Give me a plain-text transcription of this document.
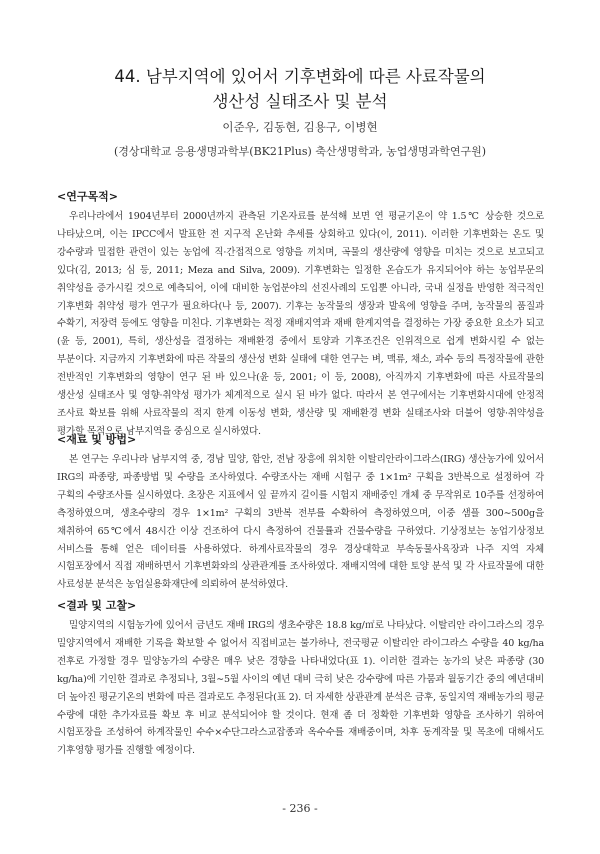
44. 남부지역에 있어서 기후변화에 따른 사료작물의
생산성 실태조사 및 분석
이준우, 김동현, 김용구, 이병현
(경상대학교 응용생명과학부(BK21Plus) 축산생명학과, 농업생명과학연구원)
<연구목적>

우리나라에서 1904년부터 2000년까지 관측된 기온자료를 분석해 보면 연 평균기온이 약 1.5℃ 상승한 것으로 나타났으며, 이는 IPCC에서 발표한 전 지구적 온난화 추세를 상회하고 있다(이, 2011). 이러한 기후변화는 온도 및 강수량과 밀접한 관련이 있는 농업에 직·간접적으로 영향을 끼치며, 곡물의 생산량에 영향을 미치는 것으로 보고되고 있다(김, 2013; 심 등, 2011; Meza and Silva, 2009). 기후변화는 일정한 온습도가 유지되어야 하는 농업부문의 취약성을 증가시킬 것으로 예측되어, 이에 대비한 농업분야의 선진사례의 도입뿐 아니라, 국내 실정을 반영한 적극적인 기후변화 취약성 평가 연구가 필요하다(나 등, 2007). 기후는 농작물의 생장과 발육에 영향을 주며, 농작물의 품질과 수확기, 저장력 등에도 영향을 미친다. 기후변화는 적정 재배지역과 재배 한계지역을 결정하는 가장 중요한 요소가 되고(윤 등, 2001), 특히, 생산성을 결정하는 재배환경 중에서 토양과 기후조건은 인위적으로 쉽게 변화시킬 수 없는 부분이다. 지금까지 기후변화에 따른 작물의 생산성 변화 실태에 대한 연구는 벼, 맥류, 채소, 과수 등의 특정작물에 관한 전반적인 기후변화의 영향이 연구 된 바 있으나(윤 등, 2001; 이 등, 2008), 아직까지 기후변화에 따른 사료작물의 생산성 실태조사 및 영향·취약성 평가가 체계적으로 실시 된 바가 없다. 따라서 본 연구에서는 기후변화시대에 안정적 조사료 확보를 위해 사료작물의 적지 한계 이동성 변화, 생산량 및 재배환경 변화 실태조사와 더불어 영향·취약성을 평가할 목적으로 남부지역을 중심으로 실시하였다.

<재료 및 방법>

본 연구는 우리나라 남부지역 중, 경남 밀양, 함안, 전남 장흥에 위치한 이탈리안라이그라스(IRG) 생산농가에 있어서 IRG의 파종량, 파종방법 및 수량을 조사하였다. 수량조사는 재배 시험구 중 1×1m² 구획을 3반복으로 설정하여 각 구획의 수량조사를 실시하였다. 초장은 지표에서 잎 끝까지 길이를 시험지 재배중인 개체 중 무작위로 10주를 선정하여 측정하였으며, 생초수량의 경우 1×1m² 구획의 3반복 전부를 수확하여 측정하였으며, 이중 샘플 300∼500g을 채취하여 65℃에서 48시간 이상 건조하여 다시 측정하여 건물률과 건물수량을 구하였다. 기상정보는 농업기상정보 서비스를 통해 얻은 데이터를 사용하였다. 하계사료작물의 경우 경상대학교 부속동물사육장과 나주 지역 자체 시험포장에서 직접 재배하면서 기후변화와의 상관관계를 조사하였다. 재배지역에 대한 토양 분석 및 각 사료작물에 대한 사료성분 분석은 농업실용화재단에 의뢰하여 분석하였다.

<결과 및 고찰>

밀양지역의 시험농가에 있어서 금년도 재배 IRG의 생초수량은 18.8 kg/㎡로 나타났다. 이탈리안 라이그라스의 경우 밀양지역에서 재배한 기록을 확보할 수 없어서 직접비교는 불가하나, 전국평균 이탈리안 라이그라스 수량을 40 kg/ha 전후로 가정할 경우 밀양농가의 수량은 매우 낮은 경향을 나타내었다(표 1). 이러한 결과는 농가의 낮은 파종량 (30 kg/ha)에 기인한 결과로 추정되나, 3월∼5월 사이의 예년 대비 극히 낮은 강수량에 따른 가뭄과 월동기간 중의 예년대비 더 높아진 평균기온의 변화에 따른 결과로도 추정된다(표 2). 더 자세한 상관관계 분석은 금후, 동일지역 재배농가의 평균 수량에 대한 추가자료를 확보 후 비교 분석되어야 할 것이다. 현재 좀 더 정확한 기후변화 영향을 조사하기 위하여 시험포장을 조성하여 하계작물인 수수×수단그라스교잡종과 옥수수를 재배중이며, 차후 동계작물 및 목초에 대해서도 기후영향 평가를 진행할 예정이다.

- 236 -
